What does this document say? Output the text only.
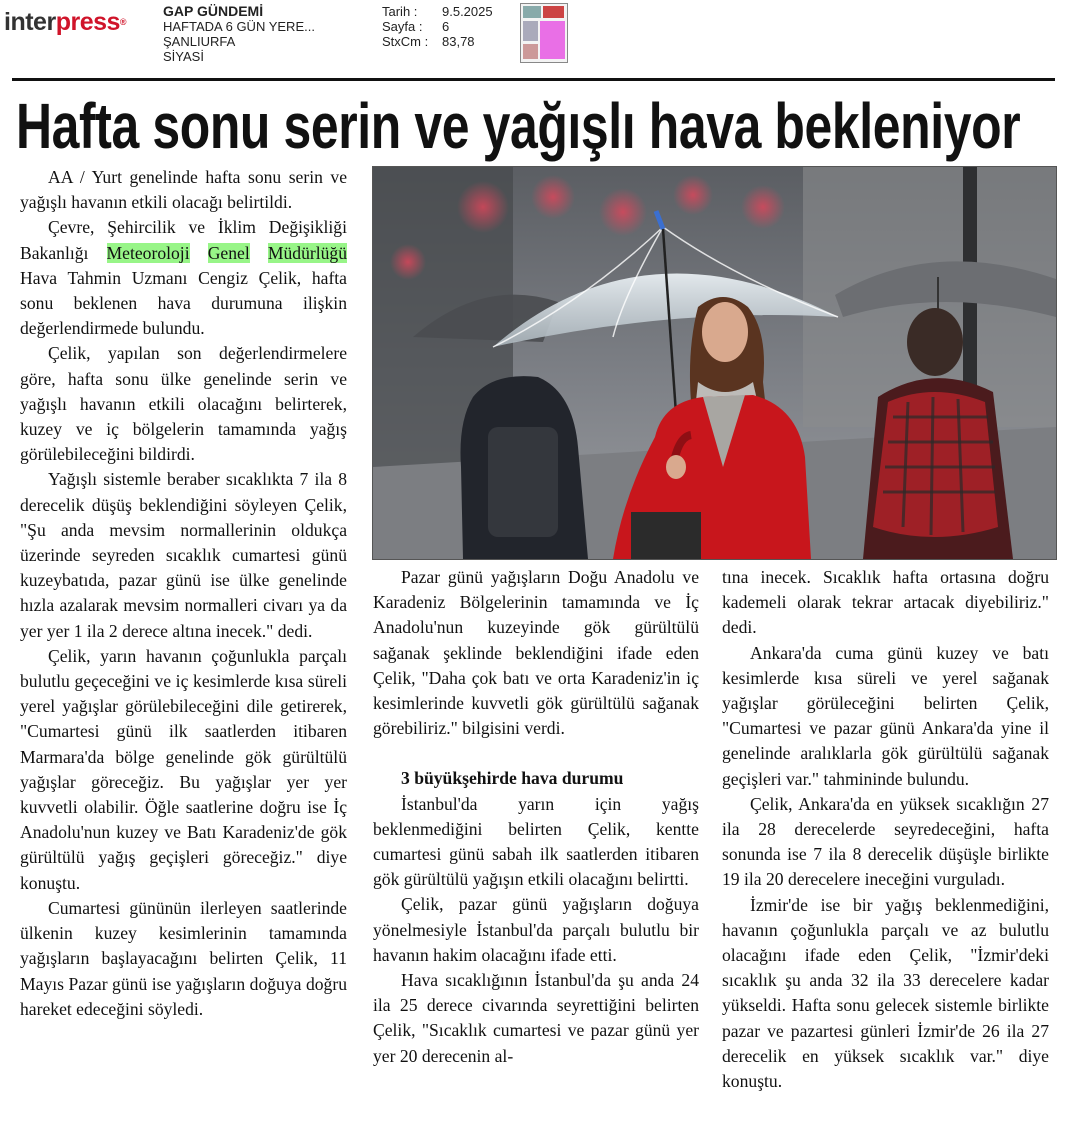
interpress®
GAP GÜNDEMİ
HAFTADA 6 GÜN YERE...
ŞANLIURFA
SİYASİ
Tarih : 9.5.2025
Sayfa : 6
StxCm : 83,78
Hafta sonu serin ve yağışlı hava bekleniyor

AA / Yurt genelinde hafta sonu serin ve yağışlı havanın etkili olacağı belirtildi.

Çevre, Şehircilik ve İklim Değişikliği Bakanlığı Meteoroloji Genel Müdürlüğü Hava Tahmin Uzmanı Cengiz Çelik, hafta sonu beklenen hava durumuna ilişkin değerlendirmede bulundu.

Çelik, yapılan son değerlendirmelere göre, hafta sonu ülke genelinde serin ve yağışlı havanın etkili olacağını belirterek, kuzey ve iç bölgelerin tamamında yağış görülebileceğini bildirdi.

Yağışlı sistemle beraber sıcaklıkta 7 ila 8 derecelik düşüş beklendiğini söyleyen Çelik, "Şu anda mevsim normallerinin oldukça üzerinde seyreden sıcaklık cumartesi günü kuzeybatıda, pazar günü ise ülke genelinde hızla azalarak mevsim normalleri civarı ya da yer yer 1 ila 2 derece altına inecek." dedi.

Çelik, yarın havanın çoğunlukla parçalı bulutlu geçeceğini ve iç kesimlerde kısa süreli yerel yağışlar görülebileceğini dile getirerek, "Cumartesi günü ilk saatlerden itibaren Marmara'da bölge genelinde gök gürültülü yağışlar göreceğiz. Bu yağışlar yer yer kuvvetli olabilir. Öğle saatlerine doğru ise İç Anadolu'nun kuzey ve Batı Karadeniz'de gök gürültülü yağış geçişleri göreceğiz." diye konuştu.

Cumartesi gününün ilerleyen saatlerinde ülkenin kuzey kesimlerinin tamamında yağışların başlayacağını belirten Çelik, 11 Mayıs Pazar günü ise yağışların doğuya doğru hareket edeceğini söyledi.

Pazar günü yağışların Doğu Anadolu ve Karadeniz Bölgelerinin tamamında ve İç Anadolu'nun kuzeyinde gök gürültülü sağanak şeklinde beklendiğini ifade eden Çelik, "Daha çok batı ve orta Karadeniz'in iç kesimlerinde kuvvetli gök gürültülü sağanak görebiliriz." bilgisini verdi.

3 büyükşehirde hava durumu

İstanbul'da yarın için yağış beklenmediğini belirten Çelik, kentte cumartesi günü sabah ilk saatlerden itibaren gök gürültülü yağışın etkili olacağını belirtti.

Çelik, pazar günü yağışların doğuya yönelmesiyle İstanbul'da parçalı bulutlu bir havanın hakim olacağını ifade etti.

Hava sıcaklığının İstanbul'da şu anda 24 ila 25 derece civarında seyrettiğini belirten Çelik, "Sıcaklık cumartesi ve pazar günü yer yer 20 derecenin al-

tına inecek. Sıcaklık hafta ortasına doğru kademeli olarak tekrar artacak diyebiliriz." dedi.

Ankara'da cuma günü kuzey ve batı kesimlerde kısa süreli ve yerel sağanak yağışlar görüleceğini belirten Çelik, "Cumartesi ve pazar günü Ankara'da yine il genelinde aralıklarla gök gürültülü sağanak geçişleri var." tahmininde bulundu.

Çelik, Ankara'da en yüksek sıcaklığın 27 ila 28 derecelerde seyredeceğini, hafta sonunda ise 7 ila 8 derecelik düşüşle birlikte 19 ila 20 derecelere ineceğini vurguladı.

İzmir'de ise bir yağış beklenmediğini, havanın çoğunlukla parçalı ve az bulutlu olacağını ifade eden Çelik, "İzmir'deki sıcaklık şu anda 32 ila 33 derecelere kadar yükseldi. Hafta sonu gelecek sistemle birlikte pazar ve pazartesi günleri İzmir'de 26 ila 27 derecelik en yüksek sıcaklık var." diye konuştu.
